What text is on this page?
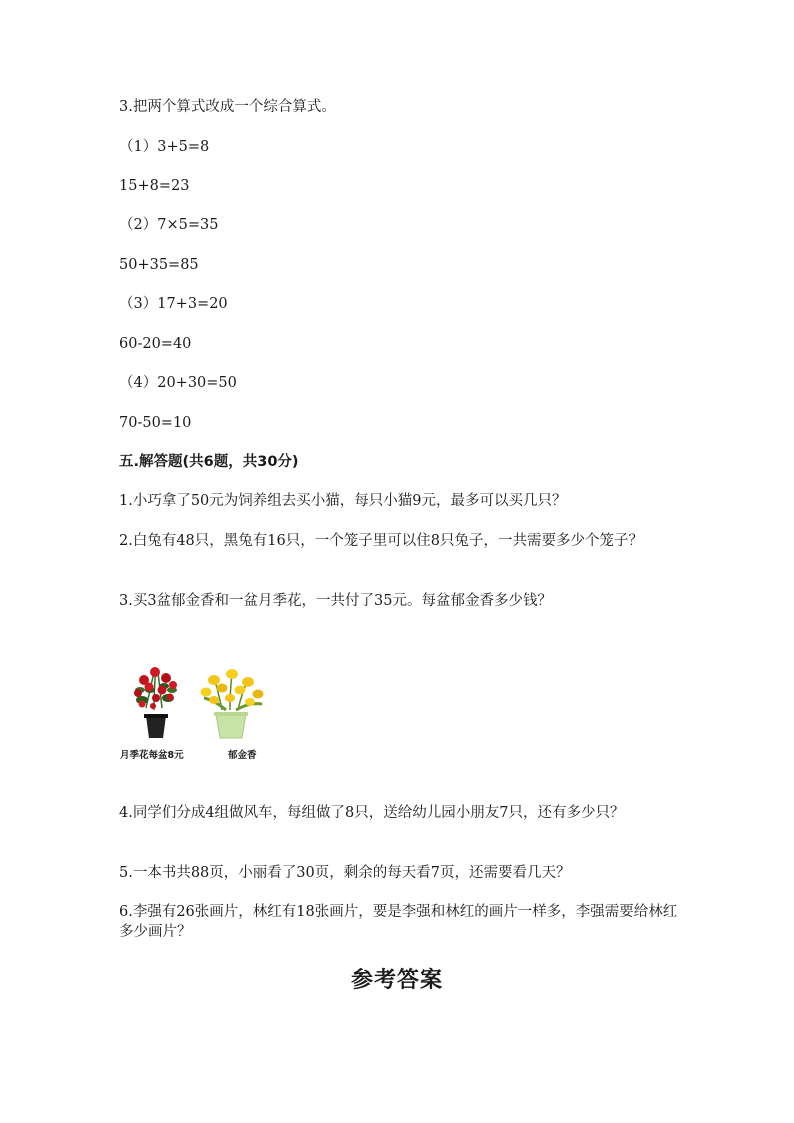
3.把两个算式改成一个综合算式。
（1）3+5=8
15+8=23
（2）7×5=35
50+35=85
（3）17+3=20
60-20=40
（4）20+30=50
70-50=10
五.解答题(共6题，共30分)
1.小巧拿了50元为饲养组去买小猫，每只小猫9元，最多可以买几只？
2.白兔有48只，黑兔有16只，一个笼子里可以住8只兔子，一共需要多少个笼子？
3.买3盆郁金香和一盆月季花，一共付了35元。每盆郁金香多少钱？
月季花每盆8元	郁金香
4.同学们分成4组做风车，每组做了8只，送给幼儿园小朋友7只，还有多少只？
5.一本书共88页，小丽看了30页，剩余的每天看7页，还需要看几天？
6.李强有26张画片，林红有18张画片，要是李强和林红的画片一样多，李强需要给林红多少画片？
参考答案
